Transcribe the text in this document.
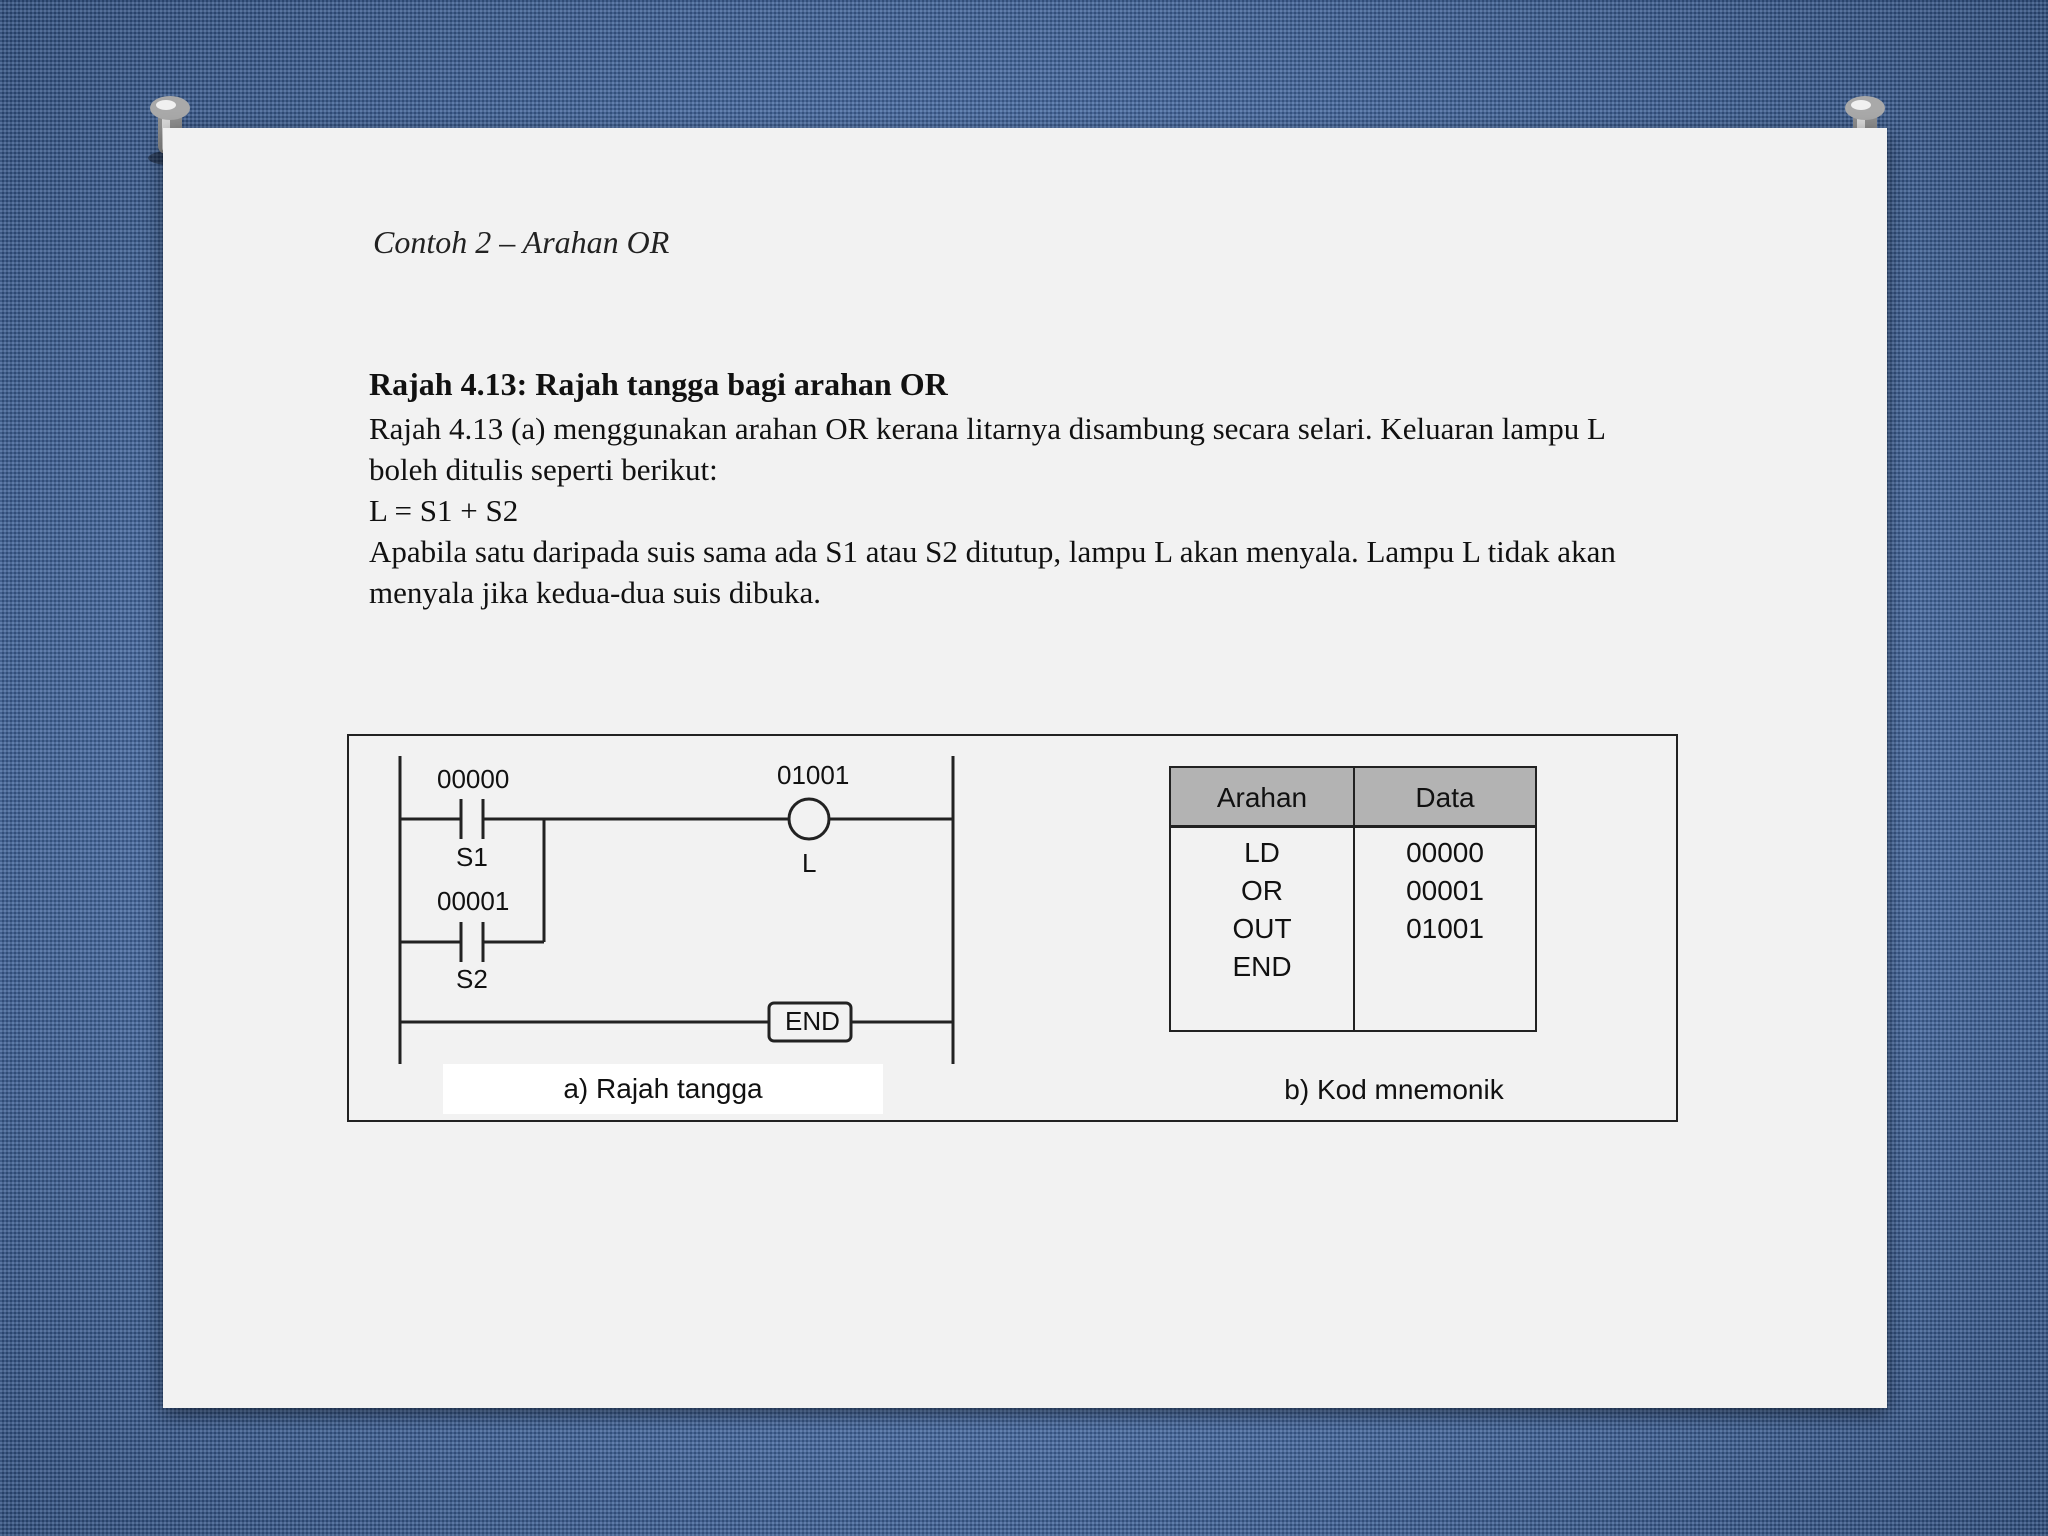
Contoh 2 – Arahan OR
Rajah 4.13: Rajah tangga bagi arahan OR

Rajah 4.13 (a) menggunakan arahan OR kerana litarnya disambung secara selari. Keluaran lampu L boleh ditulis seperti berikut:

L = S1 + S2

Apabila satu daripada suis sama ada S1 atau S2 ditutup, lampu L akan menyala. Lampu L tidak akan menyala jika kedua-dua suis dibuka.

00000
S1
00001
S2
01001
L
END
a) Rajah tangga
Arahan	Data
LD
OR
OUT
END
00000
00001
01001
b) Kod mnemonik
